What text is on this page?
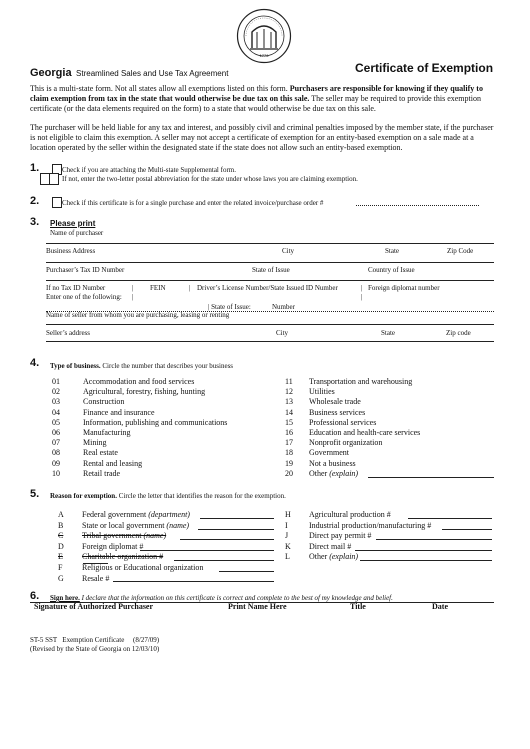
1776
Georgia Streamlined Sales and Use Tax Agreement	Certificate of Exemption
This is a multi-state form. Not all states allow all exemptions listed on this form. Purchasers are responsible for knowing if they qualify to claim exemption from tax in the state that would otherwise be due tax on this sale. The seller may be required to provide this exemption certificate (or the data elements required on the form) to a state that would otherwise be due tax on this sale.
The purchaser will be held liable for any tax and interest, and possibly civil and criminal penalties imposed by the member state, if the purchaser is not eligible to claim this exemption. A seller may not accept a certificate of exemption for an entity-based exemption on a sale made at a location operated by the seller within the designated state if the state does not allow such an entity-based exemption.
1.	Check if you are attaching the Multi-state Supplemental form.
If not, enter the two-letter postal abbreviation for the state under whose laws you are claiming exemption.
2.	Check if this certificate is for a single purchase and enter the related invoice/purchase order #
3. Please print
Name of purchaser
Business Address	City	State	Zip Code
Purchaser’s Tax ID Number	State of Issue	Country of Issue
If no Tax ID Number	| FEIN	| Driver’s License Number/State Issued ID Number	| Foreign diplomat number
Enter one of the following: |	|
| State of Issue:	Number
Name of seller from whom you are purchasing, leasing or renting
Seller’s address	City	State	Zip code
4. Type of business. Circle the number that describes your business
01	Accommodation and food services
02	Agricultural, forestry, fishing, hunting
03	Construction
04	Finance and insurance
05	Information, publishing and communications
06	Manufacturing
07	Mining
08	Real estate
09	Rental and leasing
10	Retail trade
11 Transportation and warehousing
12 Utilities
13 Wholesale trade
14 Business services
15 Professional services
16 Education and health-care services
17 Nonprofit organization
18 Government
19 Not a business
20 Other (explain)
5. Reason for exemption. Circle the letter that identifies the reason for the exemption.
A Federal government (department)
B State or local government (name)
C Tribal government (name)
D Foreign diplomat #
E Charitable organization #
F Religious or Educational organization
G Resale #
H Agricultural production #
I	Industrial production/manufacturing #
J	Direct pay permit #
K Direct mail #
L Other (explain)
6. Sign here. I declare that the information on this certificate is correct and complete to the best of my knowledge and belief.
Signature of Authorized Purchaser	Print Name Here	Title	Date
ST-5 SST   Exemption Certificate     (8/27/09)
(Revised by the State of Georgia on 12/03/10)
